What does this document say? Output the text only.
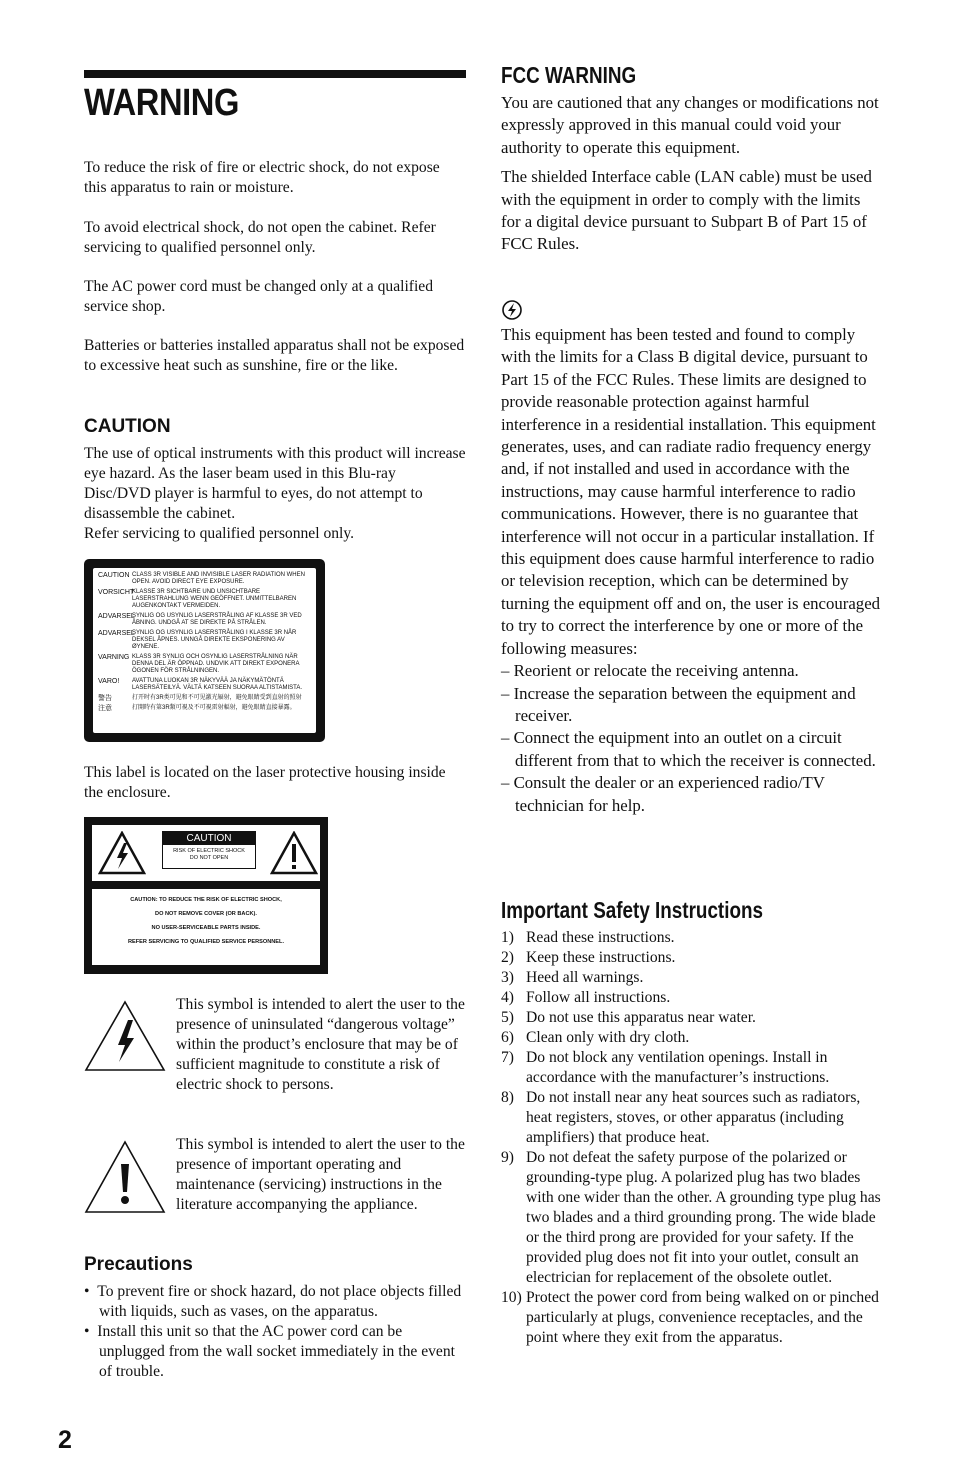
WARNING

To reduce the risk of fire or electric shock, do not expose this apparatus to rain or moisture.

To avoid electrical shock, do not open the cabinet. Refer servicing to qualified personnel only.

The AC power cord must be changed only at a qualified service shop.

Batteries or batteries installed apparatus shall not be exposed to excessive heat such as sunshine, fire or the like.

CAUTION

The use of optical instruments with this product will increase eye hazard. As the laser beam used in this Blu-ray Disc/DVD player is harmful to eyes, do not attempt to disassemble the cabinet.

Refer servicing to qualified personnel only.

CAUTION CLASS 3R VISIBLE AND INVISIBLE LASER RADIATION WHEN OPEN. AVOID DIRECT EYE EXPOSURE.
VORSICHT
KLASSE 3R SICHTBARE UND UNSICHTBARE LASERSTRAHLUNG WENN GEÖFFNET. UNMITTELBAREN AUGENKONTAKT VERMEIDEN.
ADVARSEL
SYNLIG OG USYNLIG LASERSTRÅLING AF KLASSE 3R VED ÅBNING. UNDGÅ AT SE DIREKTE PÅ STRÅLEN.
ADVARSEL
SYNLIG OG USYNLIG LASERSTRÅLING I KLASSE 3R NÅR DEKSEL ÅPNES. UNNGÅ DIREKTE EKSPONERING AV ØYNENE.
VARNING KLASS 3R SYNLIG OCH OSYNLIG LASERSTRÅLNING NÄR DENNA DEL ÄR ÖPPNAD. UNDVIK ATT DIREKT EXPONERA ÖGONEN FÖR STRÅLNINGEN.
VARO!	AVATTUNA LUOKAN 3R NÄKYVÄÄ JA NÄKYMÄTÖNTÄ LASERSÄTEILYÄ. VÄLTÄ KATSEEN SUORAA ALTISTAMISTA.
警告	打开时有3R类可见和不可见激光辐射，避免眼睛受到直射的照射
注意	打開時有第3R類可視及不可視雷射輻射，避免眼睛直接暴露。

This label is located on the laser protective housing inside the enclosure.

CAUTION
RISK OF ELECTRIC SHOCK
DO NOT OPEN
CAUTION: TO REDUCE THE RISK OF ELECTRIC SHOCK,
DO NOT REMOVE COVER (OR BACK).
NO USER-SERVICEABLE PARTS INSIDE.
REFER SERVICING TO QUALIFIED SERVICE PERSONNEL.

This symbol is intended to alert the user to the presence of uninsulated “dangerous voltage” within the product’s enclosure that may be of sufficient magnitude to constitute a risk of electric shock to persons.

This symbol is intended to alert the user to the presence of important operating and maintenance (servicing) instructions in the literature accompanying the appliance.

Precautions

•  To prevent fire or shock hazard, do not place objects filled with liquids, such as vases, on the apparatus.

•  Install this unit so that the AC power cord can be unplugged from the wall socket immediately in the event of trouble.

FCC WARNING

You are cautioned that any changes or modifications not expressly approved in this manual could void your authority to operate this equipment.

The shielded Interface cable (LAN cable) must be used with the equipment in order to comply with the limits for a digital device pursuant to Subpart B of Part 15 of FCC Rules.

This equipment has been tested and found to comply with the limits for a Class B digital device, pursuant to Part 15 of the FCC Rules. These limits are designed to provide reasonable protection against harmful interference in a residential installation. This equipment generates, uses, and can radiate radio frequency energy and, if not installed and used in accordance with the instructions, may cause harmful interference to radio communications. However, there is no guarantee that interference will not occur in a particular installation. If this equipment does cause harmful interference to radio or television reception, which can be determined by turning the equipment off and on, the user is encouraged to try to correct the interference by one or more of the following measures:

– Reorient or relocate the receiving antenna.

– Increase the separation between the equipment and receiver.

– Connect the equipment into an outlet on a circuit different from that to which the receiver is connected.

– Consult the dealer or an experienced radio/TV technician for help.

Important Safety Instructions
1) Read these instructions.
2) Keep these instructions.
3) Heed all warnings.
4) Follow all instructions.
5) Do not use this apparatus near water.
6) Clean only with dry cloth.
7) Do not block any ventilation openings. Install in accordance with the manufacturer’s instructions.
8) Do not install near any heat sources such as radiators, heat registers, stoves, or other apparatus (including amplifiers) that produce heat.
9) Do not defeat the safety purpose of the polarized or grounding-type plug. A polarized plug has two blades with one wider than the other. A grounding type plug has two blades and a third grounding prong. The wide blade or the third prong are provided for your safety. If the provided plug does not fit into your outlet, consult an electrician for replacement of the obsolete outlet.
10) Protect the power cord from being walked on or pinched particularly at plugs, convenience receptacles, and the point where they exit from the apparatus.
2
